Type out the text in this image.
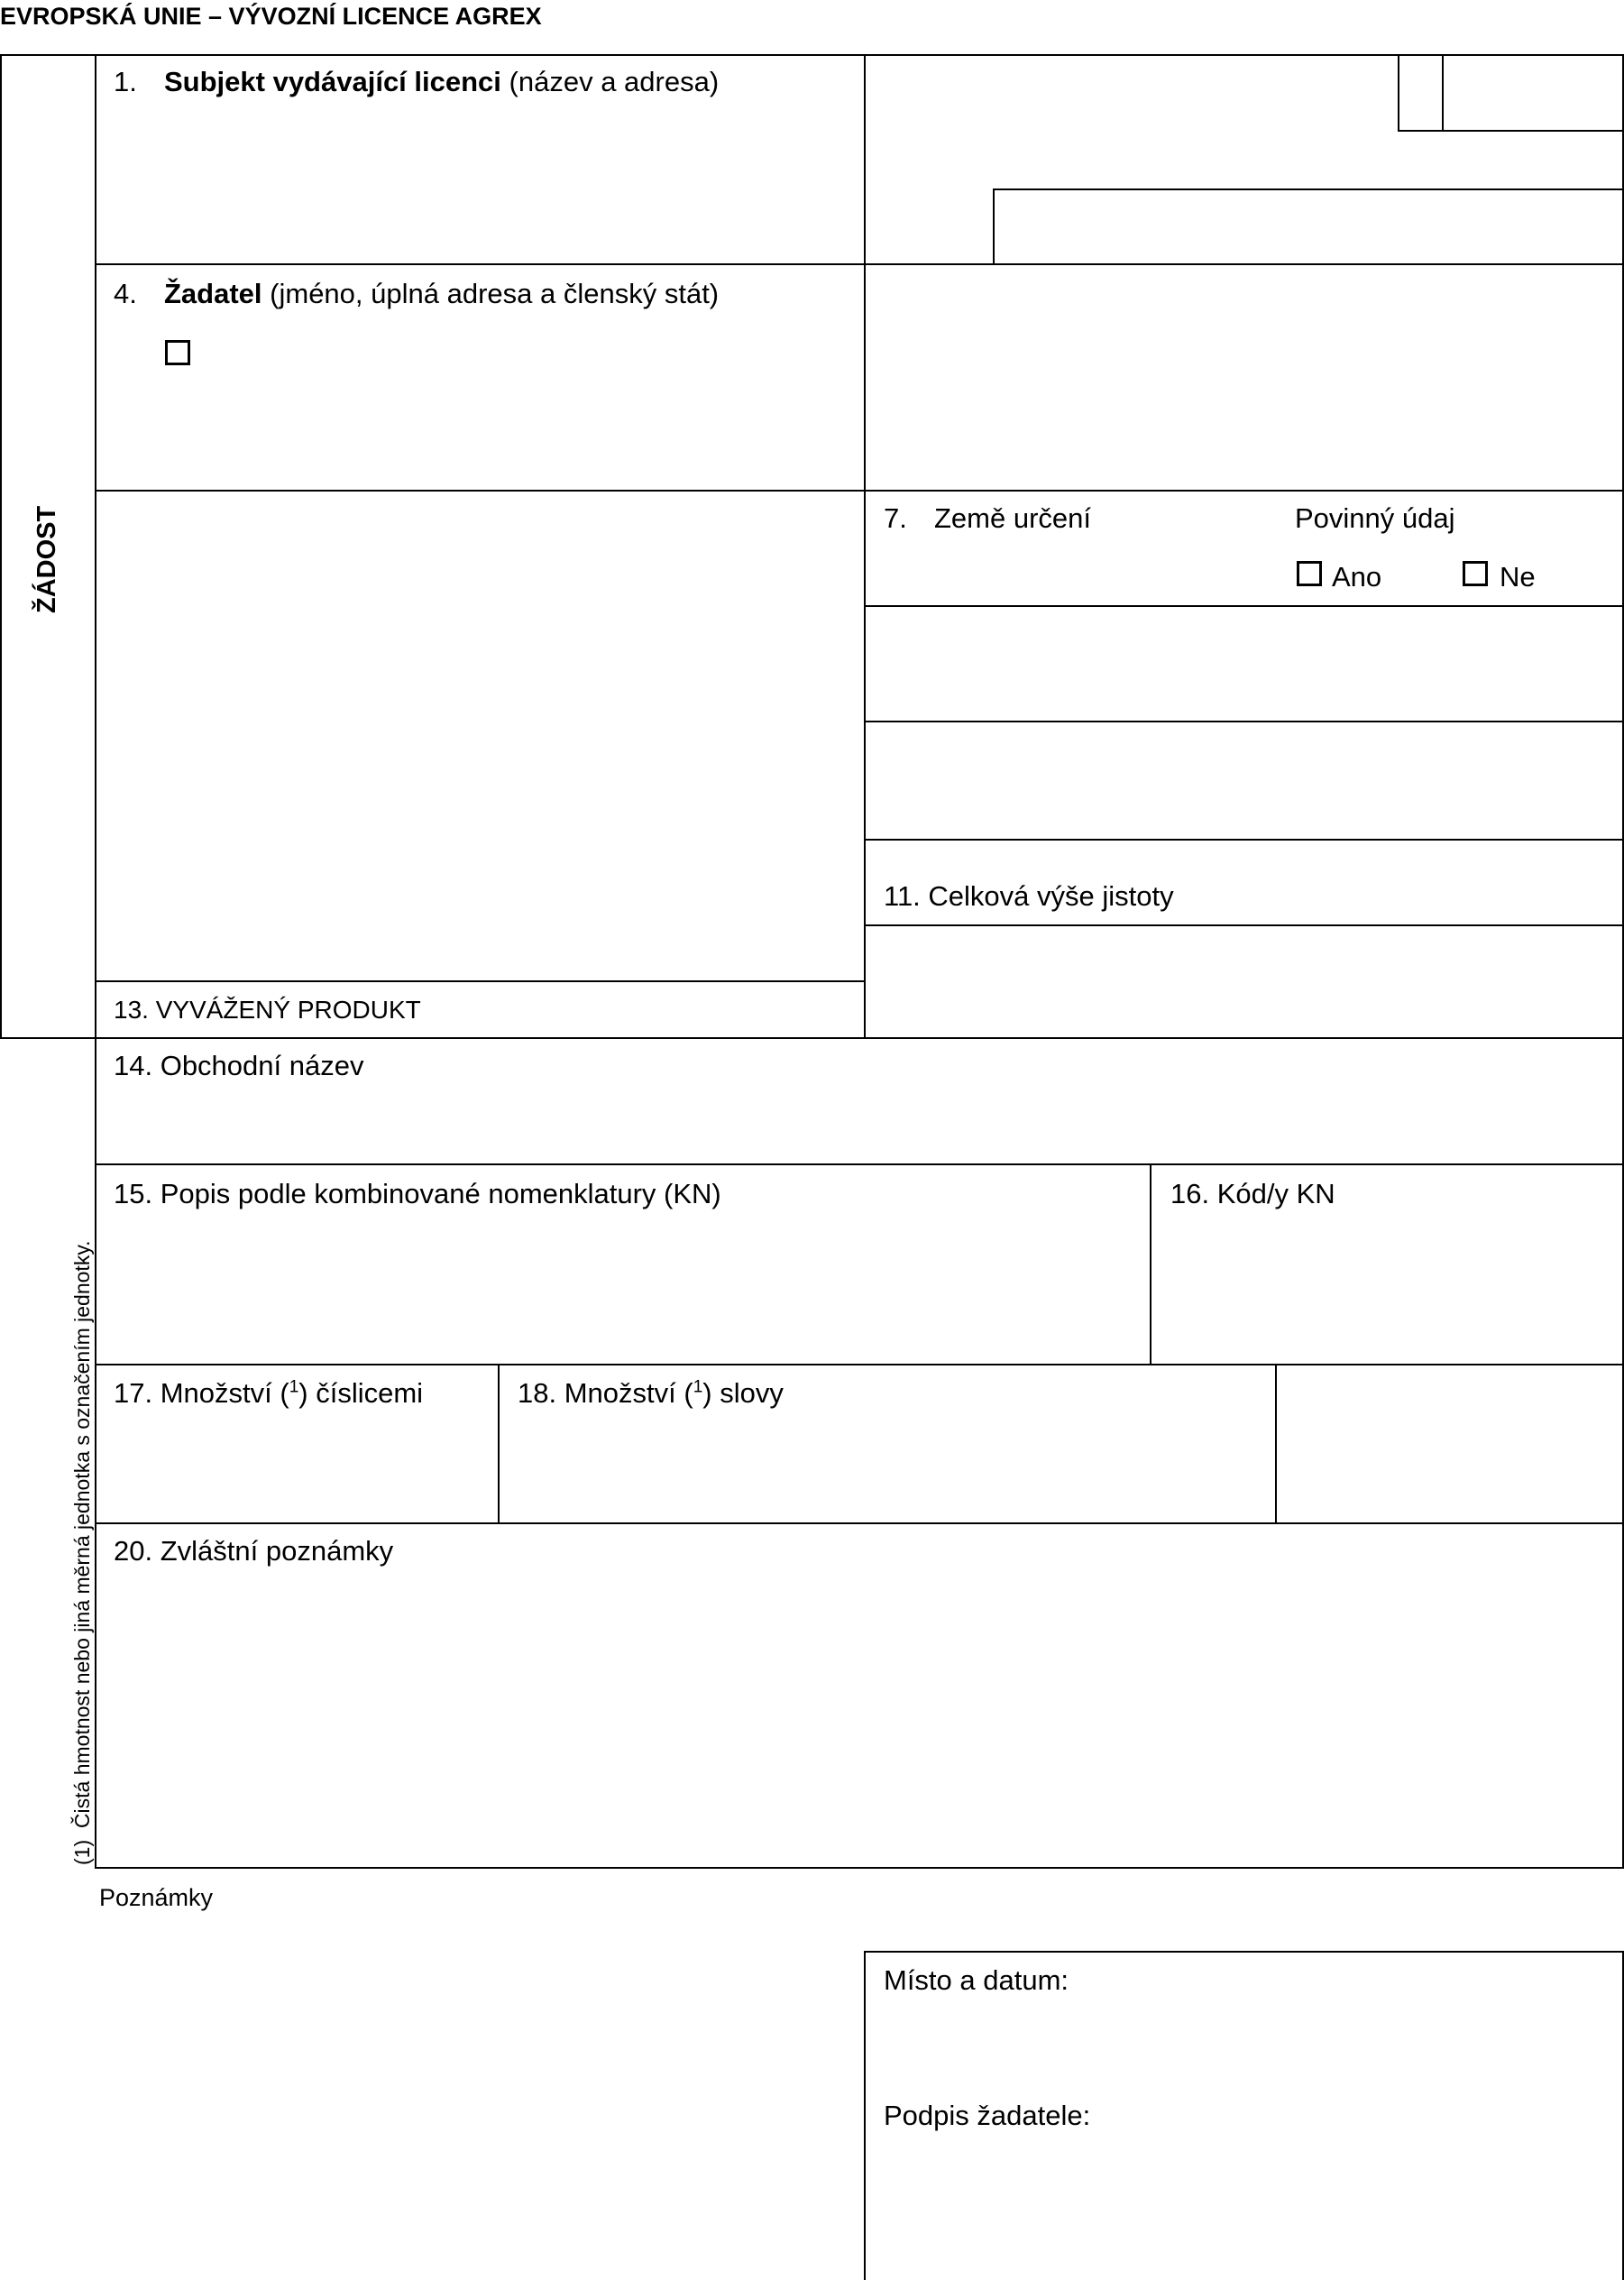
EVROPSKÁ UNIE – VÝVOZNÍ LICENCE AGREX
ŽÁDOST
1. Subjekt vydávající licenci (název a adresa)
4. Žadatel (jméno, úplná adresa a členský stát)
13. VYVÁŽENÝ PRODUKT
7. Země určení	Povinný údaj
Ano	Ne
11. Celková výše jistoty
(1)  Čistá hmotnost nebo jiná měrná jednotka s označením jednotky.
14. Obchodní název
15. Popis podle kombinované nomenklatury (KN)	16. Kód/y KN
17. Množství ($^1$) číslicemi	18. Množství ($^1$) slovy
20. Zvláštní poznámky
Poznámky
Místo a datum:
Podpis žadatele:
